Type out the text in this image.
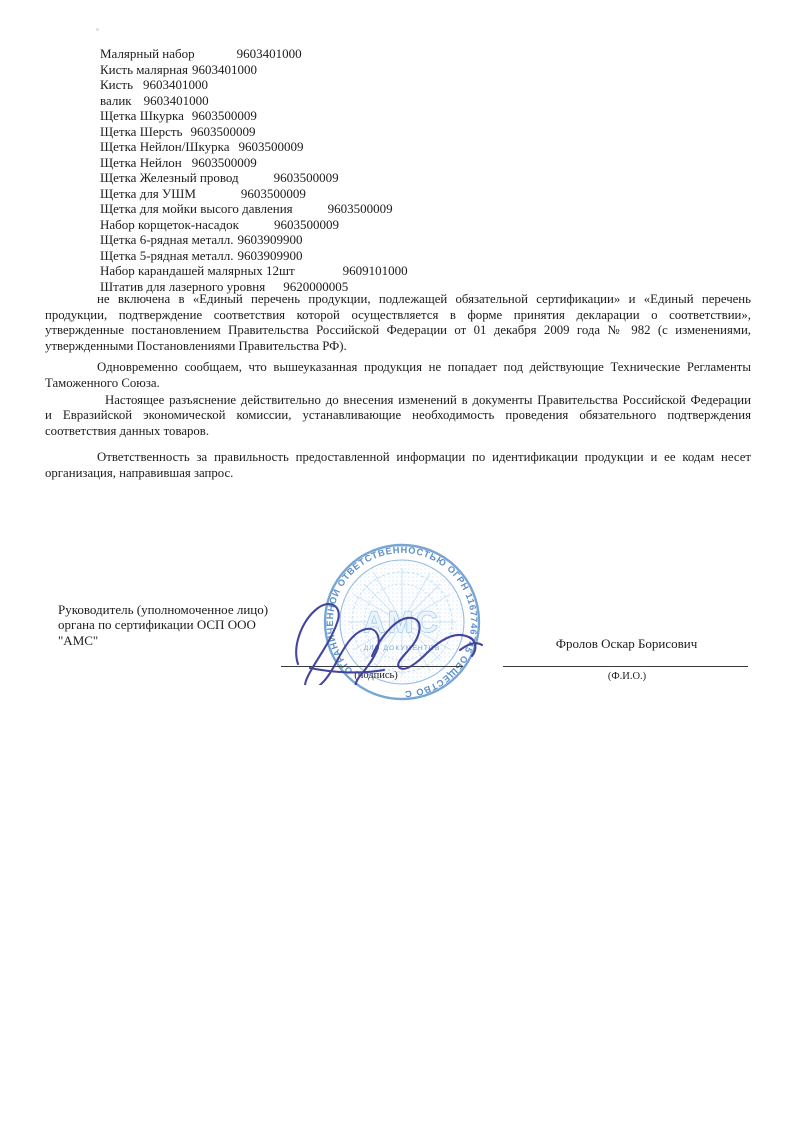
Малярный набор	9603401000
Кисть малярная 9603401000
Кисть 9603401000
валик 9603401000
Щетка Шкурка 9603500009
Щетка Шерсть 9603500009
Щетка Нейлон/Шкурка 9603500009
Щетка Нейлон 9603500009
Щетка Железный провод	9603500009
Щетка для УШМ	9603500009
Щетка для мойки высого давления	9603500009
Набор корщеток-насадок	9603500009
Щетка 6-рядная металл. 9603909900
Щетка 5-рядная металл. 9603909900
Набор карандашей малярных 12шт	9609101000
Штатив для лазерного уровня 9620000005
не включена в «Единый перечень продукции, подлежащей обязательной сертификации» и «Единый перечень
продукции, подтверждение соответствия которой осуществляется в форме принятия декларации о соответствии»,
утвержденные постановлением Правительства Российской Федерации от 01 декабря 2009 года № 982 (с изменениями,
утвержденными Постановлениями Правительства РФ).
Одновременно сообщаем, что вышеуказанная продукция не попадает под действующие Технические Регламенты
Таможенного Союза.
Настоящее разъяснение действительно до внесения изменений в документы Правительства Российской Федерации
и Евразийской экономической комиссии, устанавливающие необходимость проведения обязательного подтверждения
соответствия данных товаров.
Ответственность за правильность предоставленной информации по идентификации продукции и ее кодам несет
организация, направившая запрос.
Руководитель (уполномоченное лицо)
органа по сертификации ОСП ООО
"АМС"
ОГРАНИЧЕННОЙ ОТВЕТСТВЕННОСТЬЮ ОГРН 1167746745 ОБЩЕСТВО С
АМС
ДЛЯ ДОКУМЕНТОВ
(подпись)	(Ф.И.О.)
Фролов Оскар Борисович
